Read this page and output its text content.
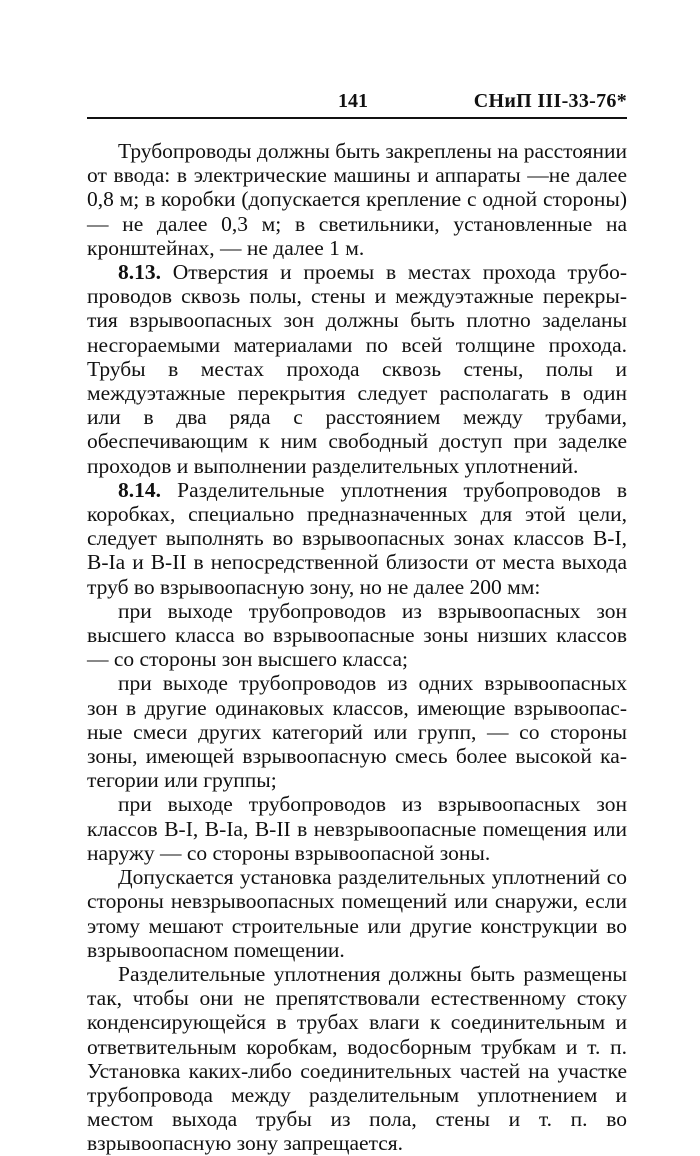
141	СНиП III-33-76*

Трубопроводы должны быть закреплены на расстоянии от ввода: в электрические машины и аппараты —не далее 0,8 м; в коробки (допускается крепление с одной стороны) — не далее 0,3 м; в светильники, установленные на кронштейнах, — не далее 1 м.

8.13. Отверстия и проемы в местах прохода трубопроводов сквозь полы, стены и междуэтажные перекрытия взрывоопасных зон должны быть плотно заделаны несгораемыми материалами по всей толщине прохода. Трубы в местах прохода сквозь стены, полы и междуэтажные перекрытия следует располагать в один или в два ряда с расстоянием между трубами, обеспечивающим к ним свободный доступ при заделке проходов и выполнении разделительных уплотнений.

8.14. Разделительные уплотнения трубопроводов в коробках, специально предназначенных для этой цели, следует выполнять во взрывоопасных зонах классов В-I, В-Iа и В-II в непосредственной близости от места выхода труб во взрывоопасную зону, но не далее 200 мм:

при выходе трубопроводов из взрывоопасных зон высшего класса во взрывоопасные зоны низших классов — со стороны зон высшего класса;

при выходе трубопроводов из одних взрывоопасных зон в другие одинаковых классов, имеющие взрывоопасные смеси других категорий или групп, — со стороны зоны, имеющей взрывоопасную смесь более высокой категории или группы;

при выходе трубопроводов из взрывоопасных зон классов В-I, В-Iа, В-II в невзрывоопасные помещения или наружу — со стороны взрывоопасной зоны.

Допускается установка разделительных уплотнений со стороны невзрывоопасных помещений или снаружи, если этому мешают строительные или другие конструкции во взрывоопасном помещении.

Разделительные уплотнения должны быть размещены так, чтобы они не препятствовали естественному стоку конденсирующейся в трубах влаги к соединительным и ответвительным коробкам, водосборным трубкам и т. п. Установка каких-либо соединительных частей на участке трубопровода между разделительным уплотнением и местом выхода трубы из пола, стены и т. п. во взрывоопасную зону запрещается.
